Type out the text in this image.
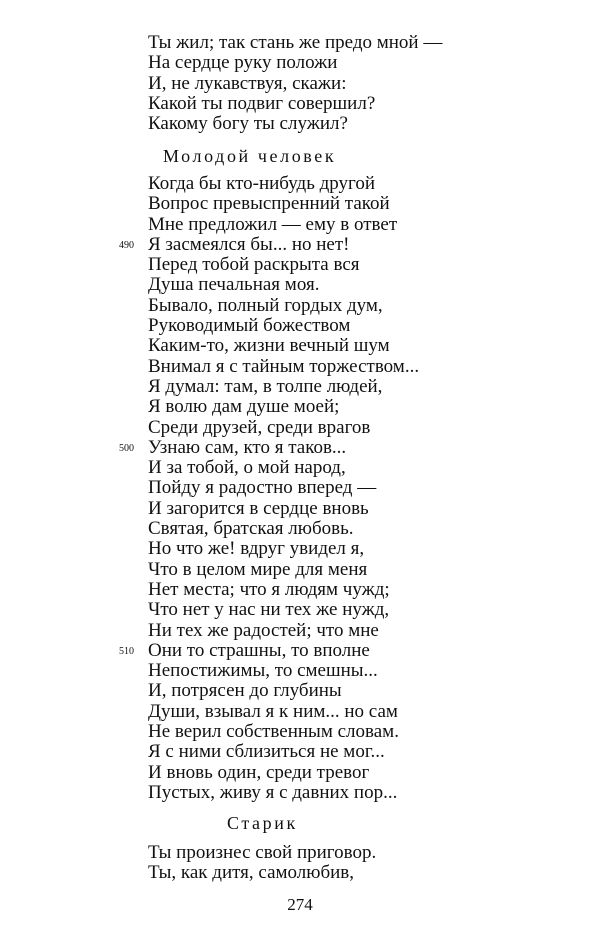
Ты жил; так стань же предо мной —
На сердце руку положи
И, не лукавствуя, скажи:
Какой ты подвиг совершил?
Какому богу ты служил?
Молодой человек
Когда бы кто-нибудь другой
Вопрос превыспренний такой
Мне предложил — ему в ответ
490 Я засмеялся бы... но нет!
Перед тобой раскрыта вся
Душа печальная моя.
Бывало, полный гордых дум,
Руководимый божеством
Каким-то, жизни вечный шум
Внимал я с тайным торжеством...
Я думал: там, в толпе людей,
Я волю дам душе моей;
Среди друзей, среди врагов
500 Узнаю сам, кто я таков...
И за тобой, о мой народ,
Пойду я радостно вперед —
И загорится в сердце вновь
Святая, братская любовь.
Но что же! вдруг увидел я,
Что в целом мире для меня
Нет места; что я людям чужд;
Что нет у нас ни тех же нужд,
Ни тех же радостей; что мне
510 Они то страшны, то вполне
Непостижимы, то смешны...
И, потрясен до глубины
Души, взывал я к ним... но сам
Не верил собственным словам.
Я с ними сблизиться не мог...
И вновь один, среди тревог
Пустых, живу я с давних пор...
Старик
Ты произнес свой приговор.
Ты, как дитя, самолюбив,
274
